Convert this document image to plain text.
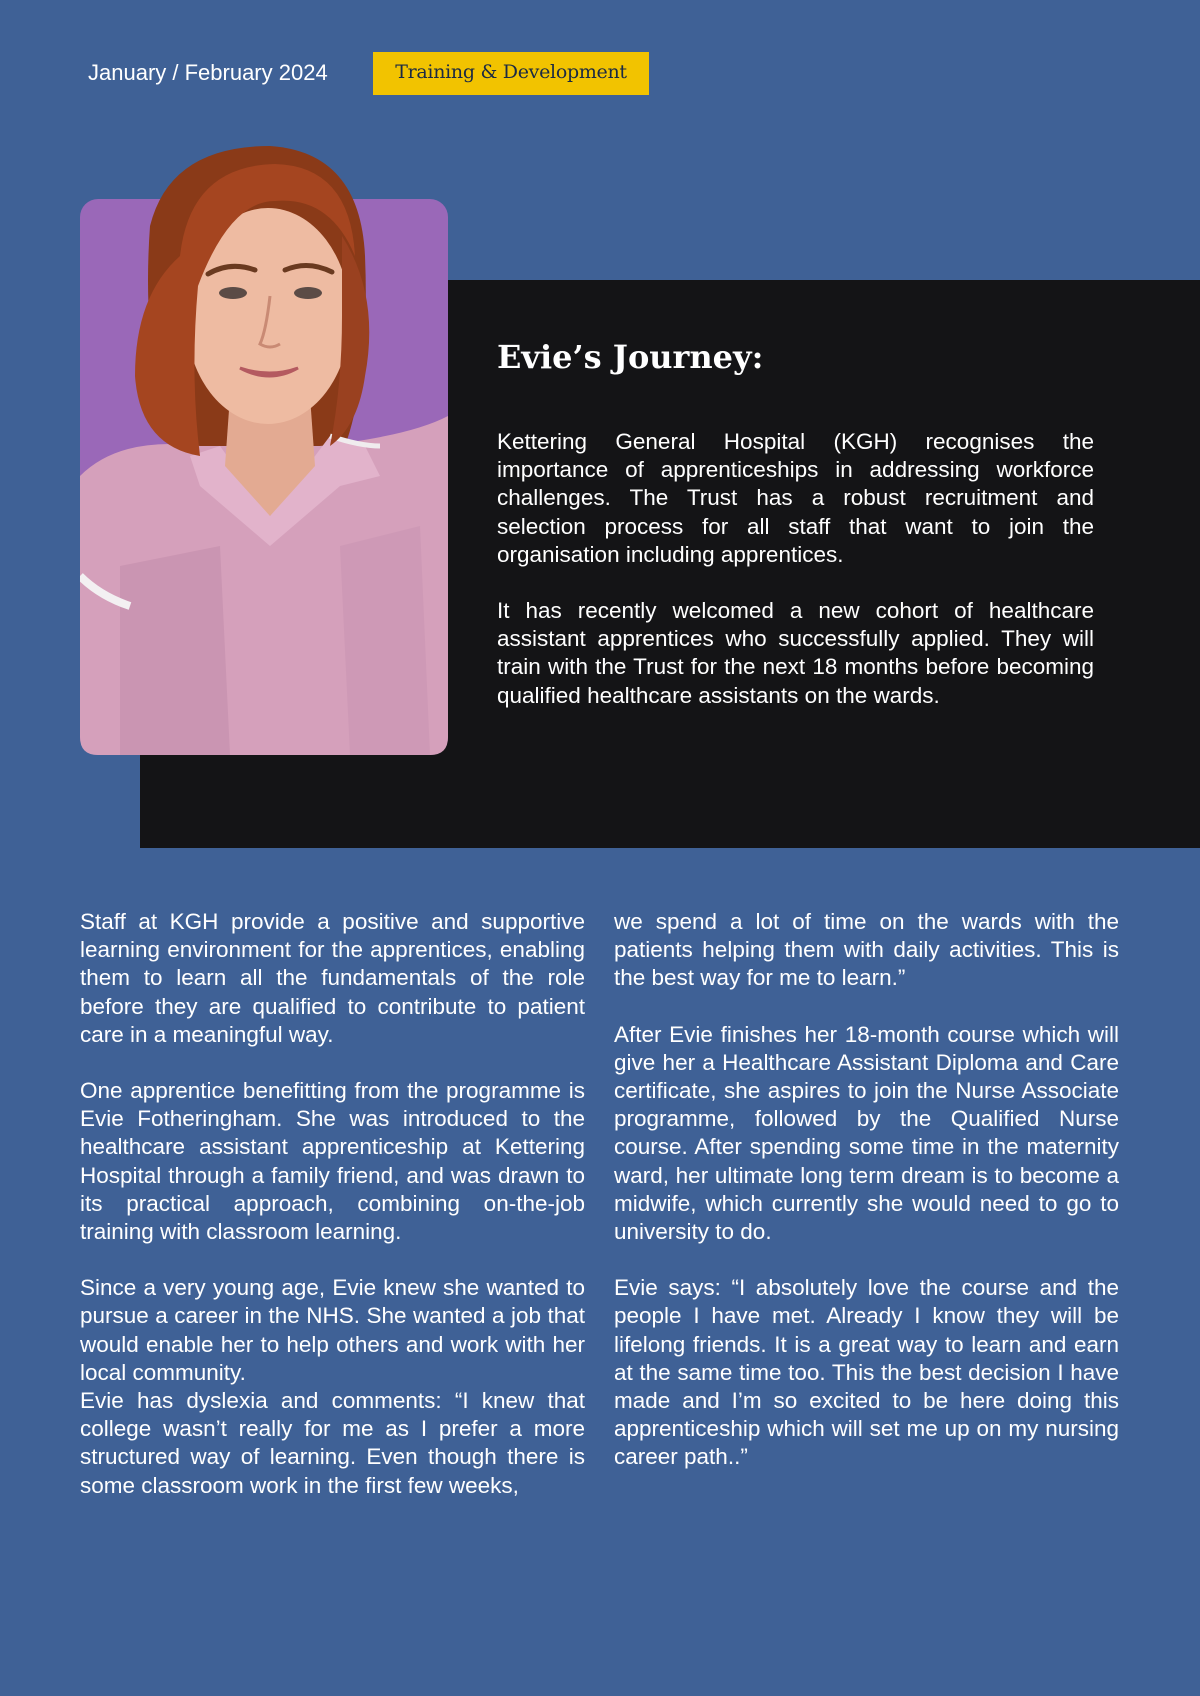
January / February 2024	Training & Development
Evie’s Journey:

Kettering General Hospital (KGH) recognises the importance of apprenticeships in addressing workforce challenges. The Trust has a robust recruitment and selection process for all staff that want to join the organisation including apprentices.

It has recently welcomed a new cohort of healthcare assistant apprentices who successfully applied. They will train with the Trust for the next 18 months before becoming qualified healthcare assistants on the wards.

Staff at KGH provide a positive and supportive learning environment for the apprentices, enabling them to learn all the fundamentals of the role before they are qualified to contribute to patient care in a meaningful way.

One apprentice benefitting from the programme is Evie Fotheringham. She was introduced to the healthcare assistant apprenticeship at Kettering Hospital through a family friend, and was drawn to its practical approach, combining on-the-job training with classroom learning.

Since a very young age, Evie knew she wanted to pursue a career in the NHS. She wanted a job that would enable her to help others and work with her local community.

Evie has dyslexia and comments: “I knew that college wasn’t really for me as I prefer a more structured way of learning. Even though there is some classroom work in the first few weeks,

we spend a lot of time on the wards with the patients helping them with daily activities. This is the best way for me to learn.”

After Evie finishes her 18-month course which will give her a Healthcare Assistant Diploma and Care certificate, she aspires to join the Nurse Associate programme, followed by the Qualified Nurse course. After spending some time in the maternity ward, her ultimate long term dream is to become a midwife, which currently she would need to go to university to do.

Evie says: “I absolutely love the course and the people I have met. Already I know they will be lifelong friends. It is a great way to learn and earn at the same time too. This the best decision I have made and I’m so excited to be here doing this apprenticeship which will set me up on my nursing career path..”
